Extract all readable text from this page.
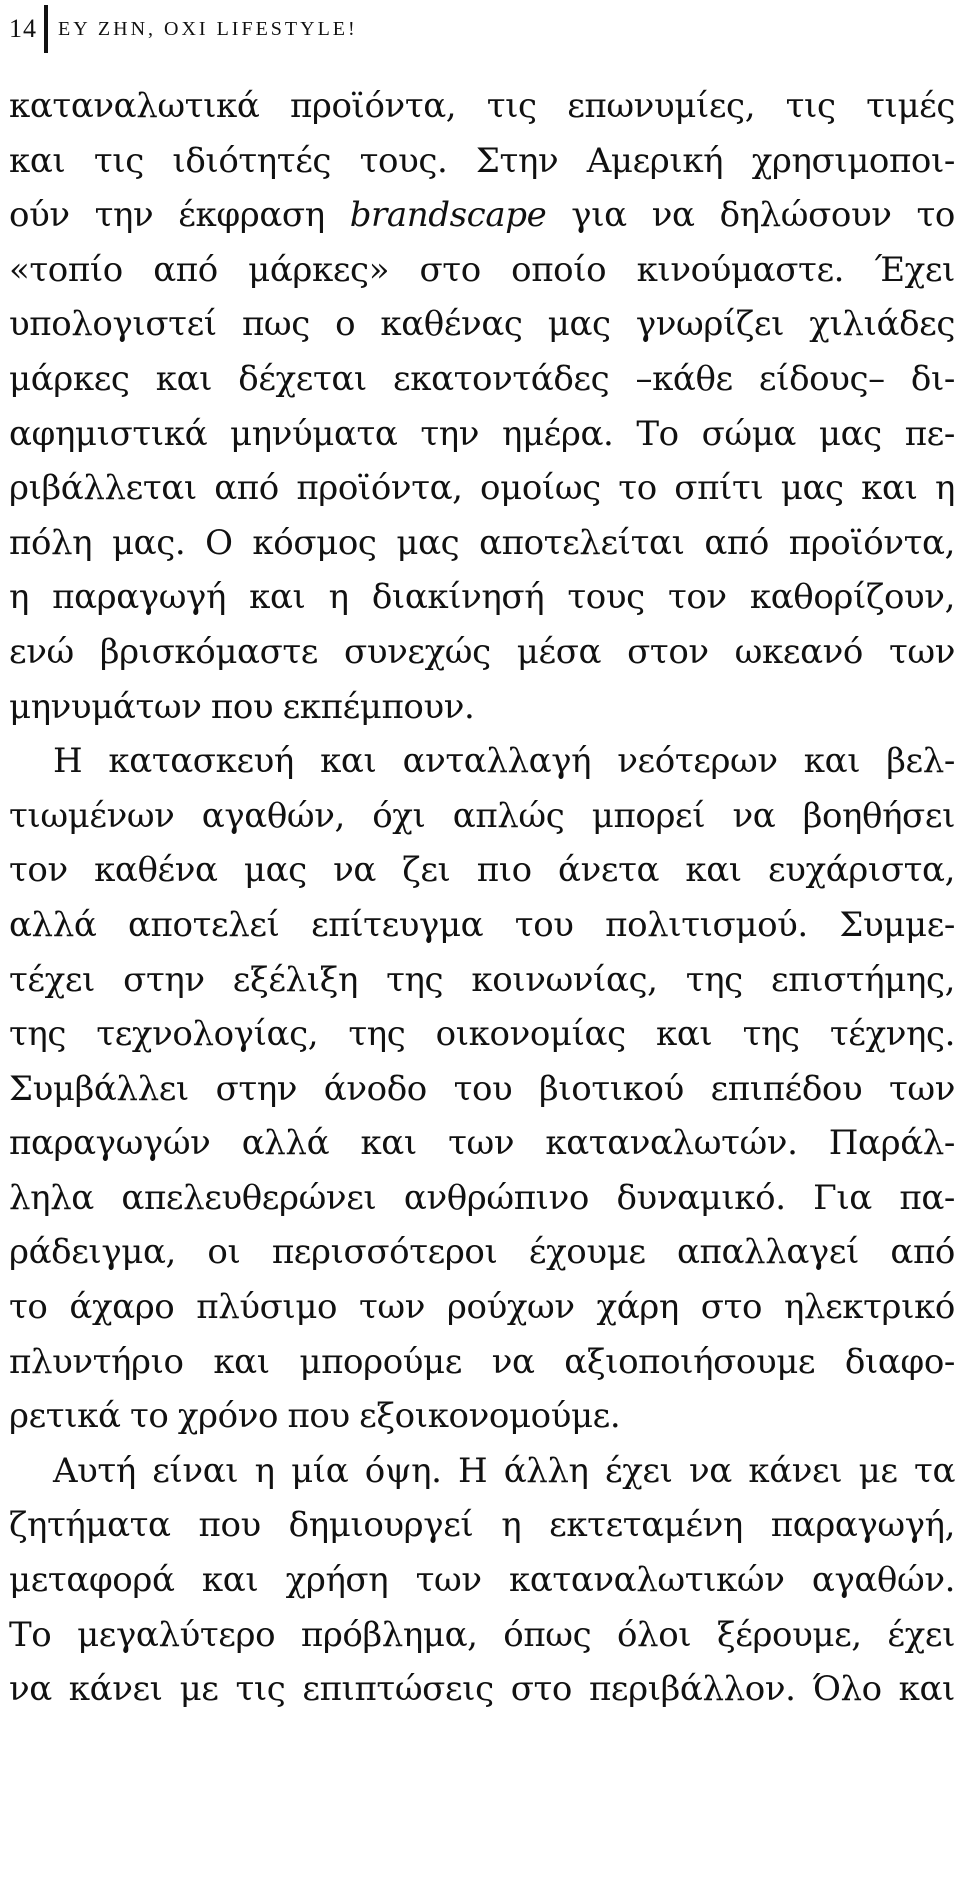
14 ΕΥ ΖΗΝ, ΟΧΙ LIFESTYLE!
καταναλωτικά προϊόντα, τις επωνυμίες, τις τιμές
και τις ιδιότητές τους. Στην Αμερική χρησιμοποι-
ούν την έκφραση brandscape για να δηλώσουν το
«τοπίο από μάρκες» στο οποίο κινούμαστε. Έχει
υπολογιστεί πως ο καθένας μας γνωρίζει χιλιάδες
μάρκες και δέχεται εκατοντάδες –κάθε είδους– δι-
αφημιστικά μηνύματα την ημέρα. Το σώμα μας πε-
ριβάλλεται από προϊόντα, ομοίως το σπίτι μας και η
πόλη μας. Ο κόσμος μας αποτελείται από προϊόντα,
η παραγωγή και η διακίνησή τους τον καθορίζουν,
ενώ βρισκόμαστε συνεχώς μέσα στον ωκεανό των
μηνυμάτων που εκπέμπουν.
Η κατασκευή και ανταλλαγή νεότερων και βελ-
τιωμένων αγαθών, όχι απλώς μπορεί να βοηθήσει
τον καθένα μας να ζει πιο άνετα και ευχάριστα,
αλλά αποτελεί επίτευγμα του πολιτισμού. Συμμε-
τέχει στην εξέλιξη της κοινωνίας, της επιστήμης,
της τεχνολογίας, της οικονομίας και της τέχνης.
Συμβάλλει στην άνοδο του βιοτικού επιπέδου των
παραγωγών αλλά και των καταναλωτών. Παράλ-
ληλα απελευθερώνει ανθρώπινο δυναμικό. Για πα-
ράδειγμα, οι περισσότεροι έχουμε απαλλαγεί από
το άχαρο πλύσιμο των ρούχων χάρη στο ηλεκτρικό
πλυντήριο και μπορούμε να αξιοποιήσουμε διαφο-
ρετικά το χρόνο που εξοικονομούμε.
Αυτή είναι η μία όψη. Η άλλη έχει να κάνει με τα
ζητήματα που δημιουργεί η εκτεταμένη παραγωγή,
μεταφορά και χρήση των καταναλωτικών αγαθών.
Το μεγαλύτερο πρόβλημα, όπως όλοι ξέρουμε, έχει
να κάνει με τις επιπτώσεις στο περιβάλλον. Όλο και
